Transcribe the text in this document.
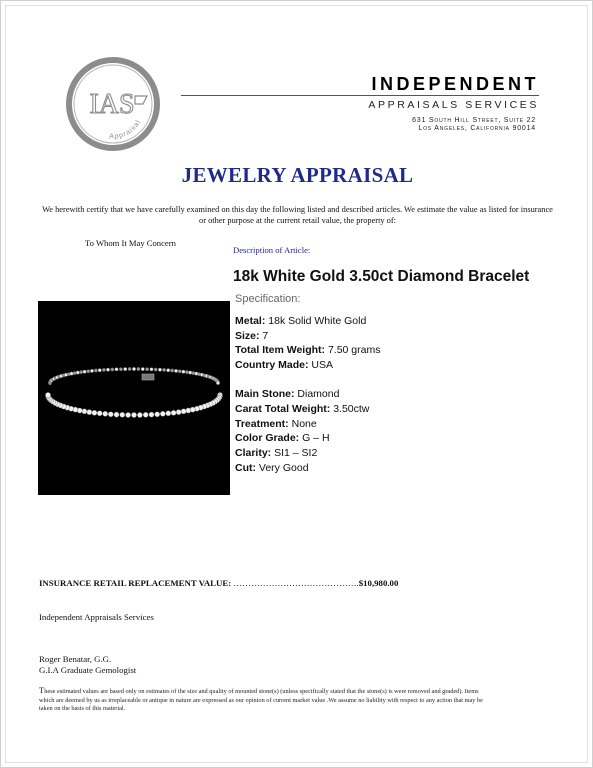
IAS
Appraisal
INDEPENDENT
APPRAISALS SERVICES
631 South Hill Street, Suite 22
Los Angeles, California 90014
JEWELRY APPRAISAL
We herewith certify that we have carefully examined on this day the following listed and described articles. We estimate the value as listed for insurance or other purpose at the current retail value, the property of:
To Whom It May Concern
Description of Article:
18k White Gold 3.50ct Diamond Bracelet
Specification:
Metal: 18k Solid White Gold
Size: 7
Total Item Weight: 7.50 grams
Country Made: USA
Main Stone: Diamond
Carat Total Weight: 3.50ctw
Treatment: None
Color Grade: G – H
Clarity: SI1 – SI2
Cut: Very Good
INSURANCE RETAIL REPLACEMENT VALUE: …………………………………….$10,980.00
Independent Appraisals Services
Roger Benatar, G.G.
G.I.A Graduate Gemologist
These estimated values are based only on estimates of the size and quality of mounted stone(s) (unless specifically stated that the stone(s) is were removed and graded). Items which are deemed by us as irreplaceable or antique in nature are expressed as our opinion of current market value .We assume no liability with respect to any action that may be taken on the basis of this material.
